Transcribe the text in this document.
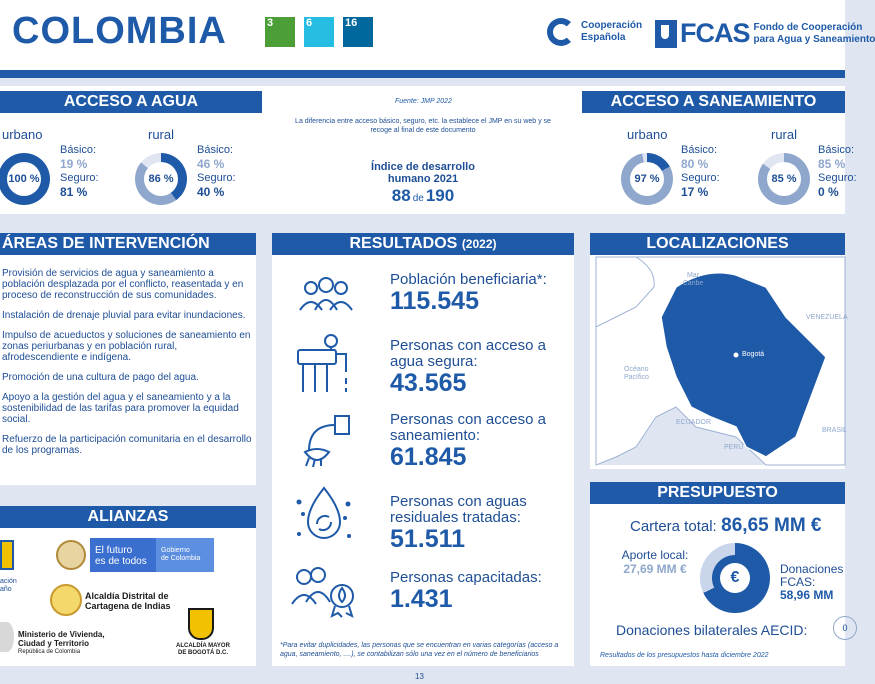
COLOMBIA	3	6	16	Cooperación
Española	FCAS Fondo de Cooperación
para Agua y Saneamiento
ACCESO A AGUA	ACCESO A SANEAMIENTO
urbano
100 %
Básico:
19 %
Seguro:
81 %
rural
86 %
Básico:
46 %
Seguro:
40 %
Fuente: JMP 2022
La diferencia entre acceso básico, seguro, etc. la establece el JMP en su web y se recoge al final de este documento
Índice de desarrollo
humano 2021
88 de 190
urbano
97 %
Básico:
80 %
Seguro:
17 %
rural
85 %
Básico:
85 %
Seguro:
0 %
ÁREAS DE INTERVENCIÓN
Provisión de servicios de agua y saneamiento a población desplazada por el conflicto, reasentada y en proceso de reconstrucción de sus comunidades.
Instalación de drenaje pluvial para evitar inundaciones.
Impulso de acueductos y soluciones de saneamiento en zonas periurbanas y en población rural, afrodescendiente e indígena.
Promoción de una cultura de pago del agua.
Apoyo a la gestión del agua y el saneamiento y a la sostenibilidad de las tarifas para promover la equidad social.
Refuerzo de la participación comunitaria en el desarrollo de los programas.
ALIANZAS
ación
año
El futuro
es de todos
Gobierno
de Colombia
Alcaldía Distrital de
Cartagena de Indias
Ministerio de Vivienda,
Ciudad y Territorio
República de Colombia
ALCALDÍA MAYOR
DE BOGOTÁ D.C.
RESULTADOS (2022)
Población beneficiaria*:
115.545
Personas con acceso a agua segura:
43.565
Personas con acceso a saneamiento:
61.845
Personas con aguas residuales tratadas:
51.511
Personas capacitadas:
1.431
*Para evitar duplicidades, las personas que se encuentran en varias categorías (acceso a agua, saneamiento, ....), se contabilizan sólo una vez en el número de beneficiarios
LOCALIZACIONES
Mar Caribe
Océano Pacífico
Bogotá
VENEZUELA
ECUADOR
PERÚ
BRASIL
PRESUPUESTO
Cartera total: 86,65 MM €
Aporte local:
27,69 MM €	€	Donaciones
FCAS:
58,96 MM
Donaciones bilaterales AECID:	0
Resultados de los presupuestos hasta diciembre 2022
13
